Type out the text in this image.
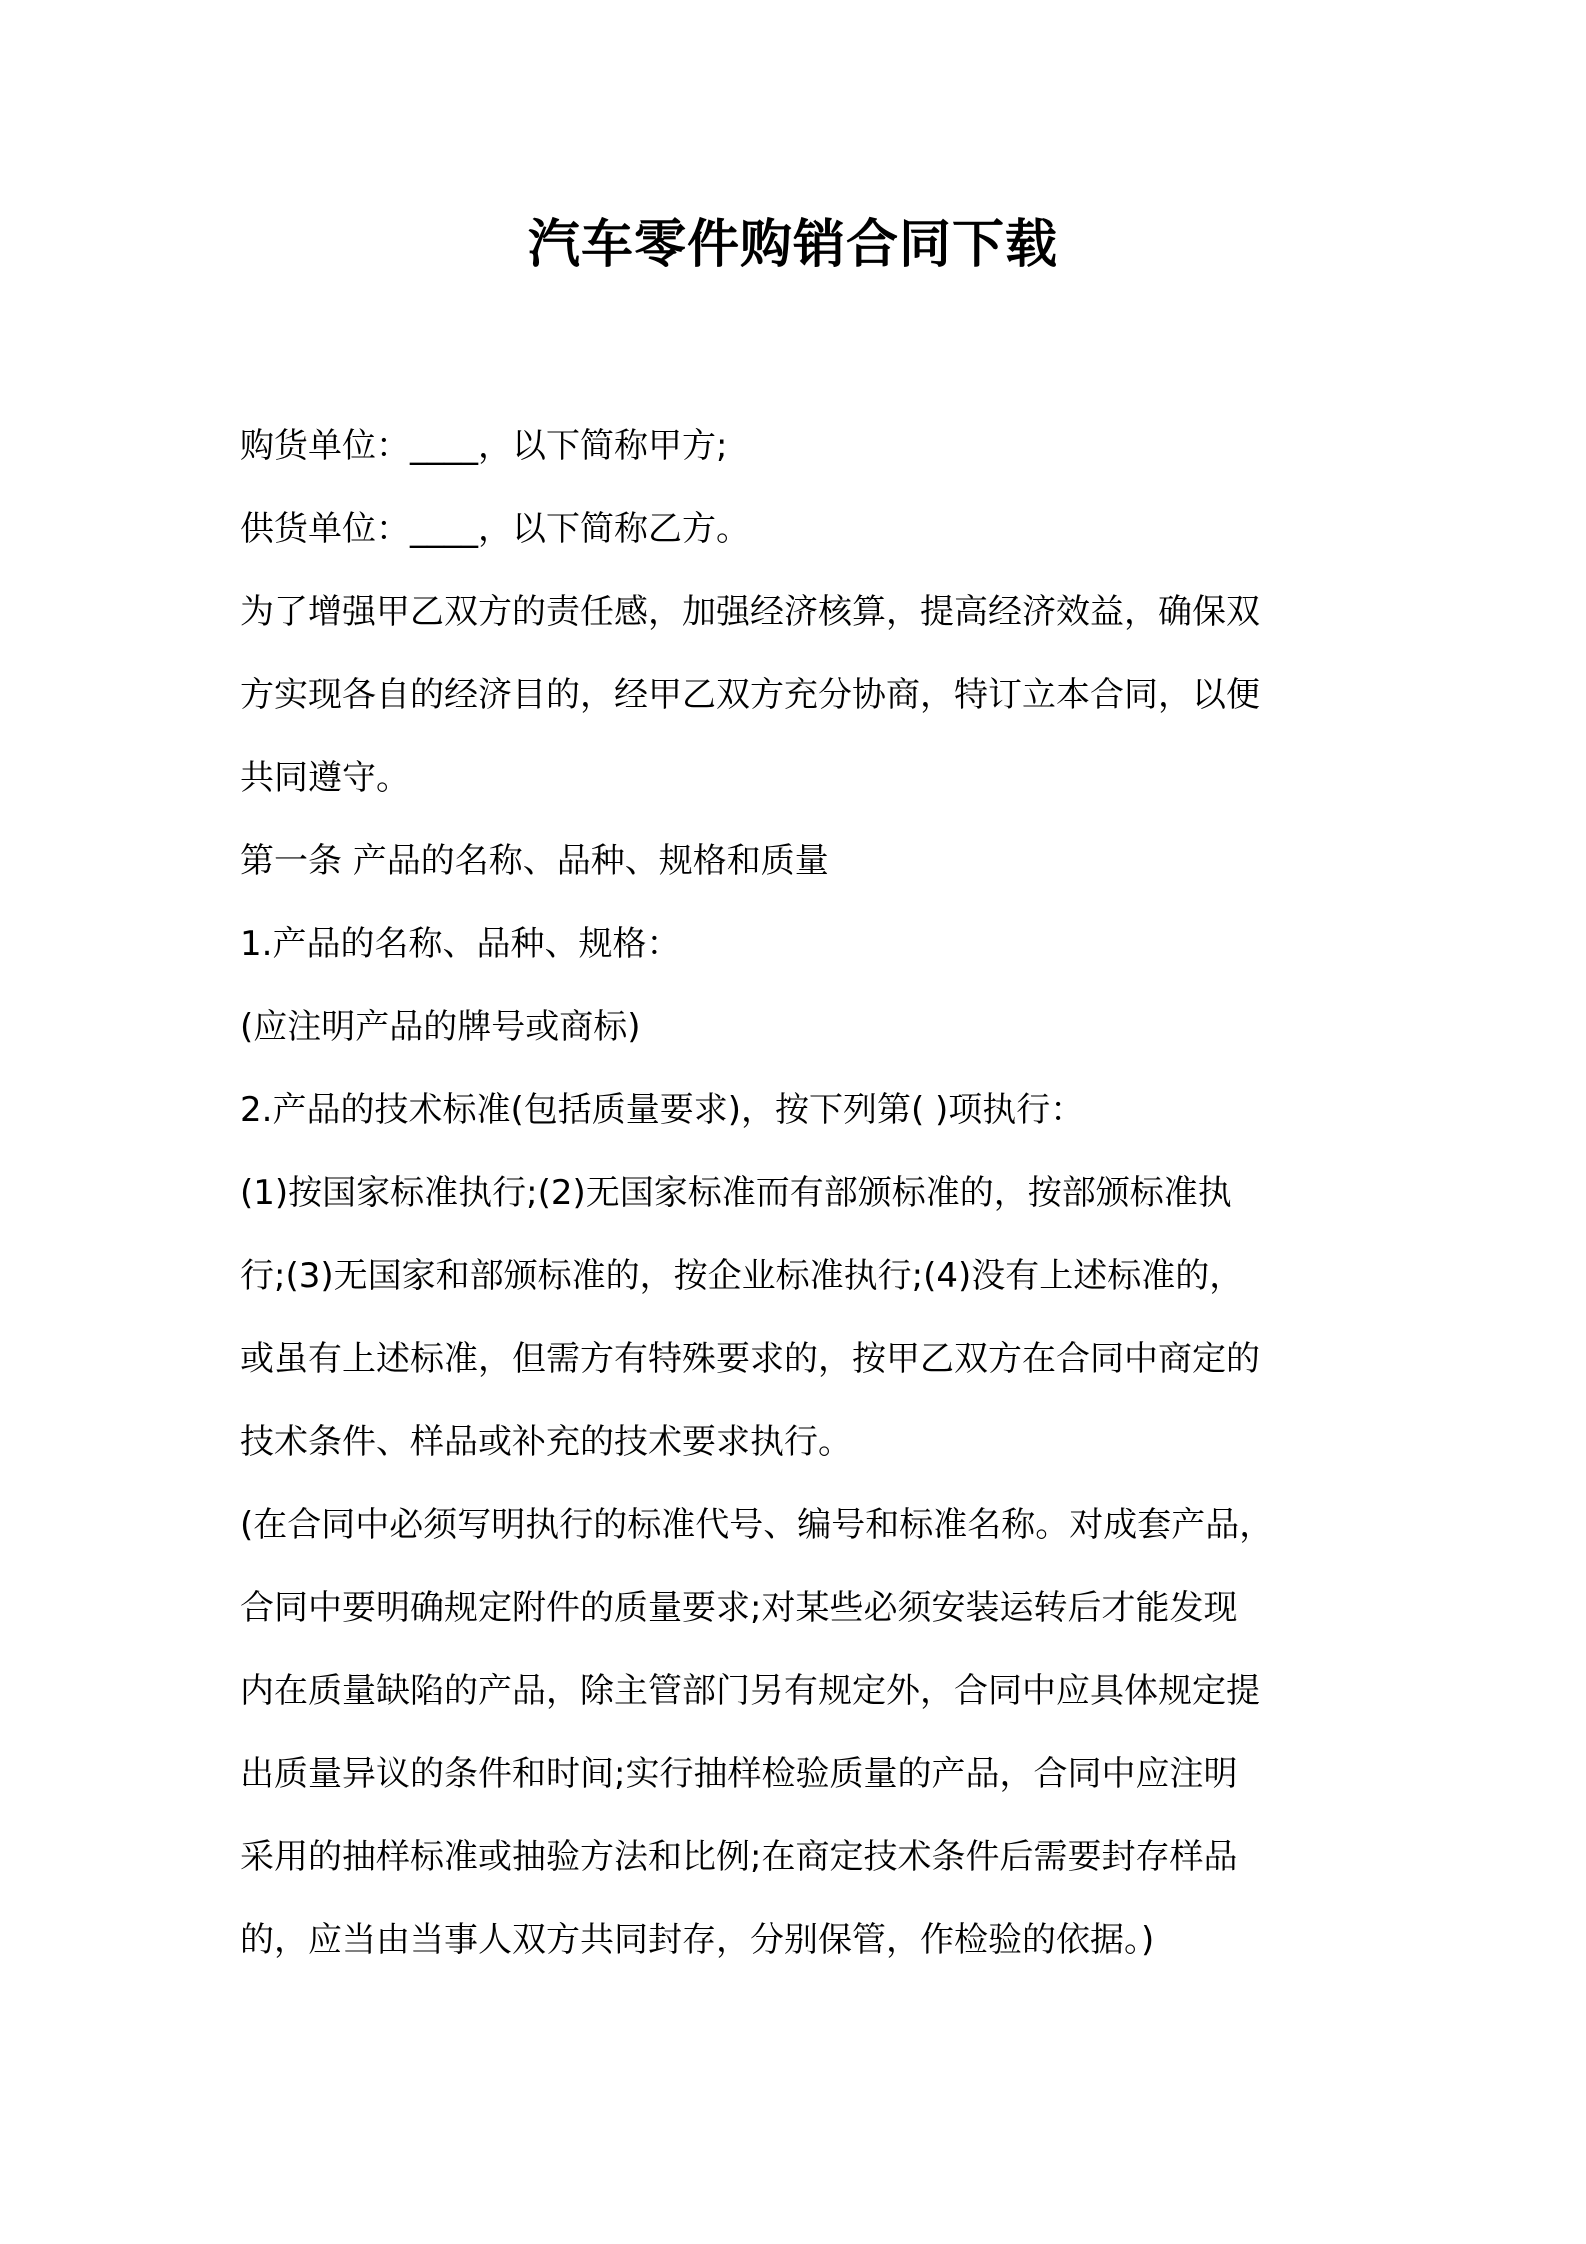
汽车零件购销合同下载
购货单位：____，以下简称甲方;
供货单位：____，以下简称乙方。
为了增强甲乙双方的责任感，加强经济核算，提高经济效益，确保双
方实现各自的经济目的，经甲乙双方充分协商，特订立本合同，以便
共同遵守。
第一条 产品的名称、品种、规格和质量
1.产品的名称、品种、规格：
(应注明产品的牌号或商标)
2.产品的技术标准(包括质量要求)，按下列第( )项执行：
(1)按国家标准执行;(2)无国家标准而有部颁标准的，按部颁标准执
行;(3)无国家和部颁标准的，按企业标准执行;(4)没有上述标准的，
或虽有上述标准，但需方有特殊要求的，按甲乙双方在合同中商定的
技术条件、样品或补充的技术要求执行。
(在合同中必须写明执行的标准代号、编号和标准名称。对成套产品，
合同中要明确规定附件的质量要求;对某些必须安装运转后才能发现
内在质量缺陷的产品，除主管部门另有规定外，合同中应具体规定提
出质量异议的条件和时间;实行抽样检验质量的产品，合同中应注明
采用的抽样标准或抽验方法和比例;在商定技术条件后需要封存样品
的，应当由当事人双方共同封存，分别保管，作检验的依据。)
